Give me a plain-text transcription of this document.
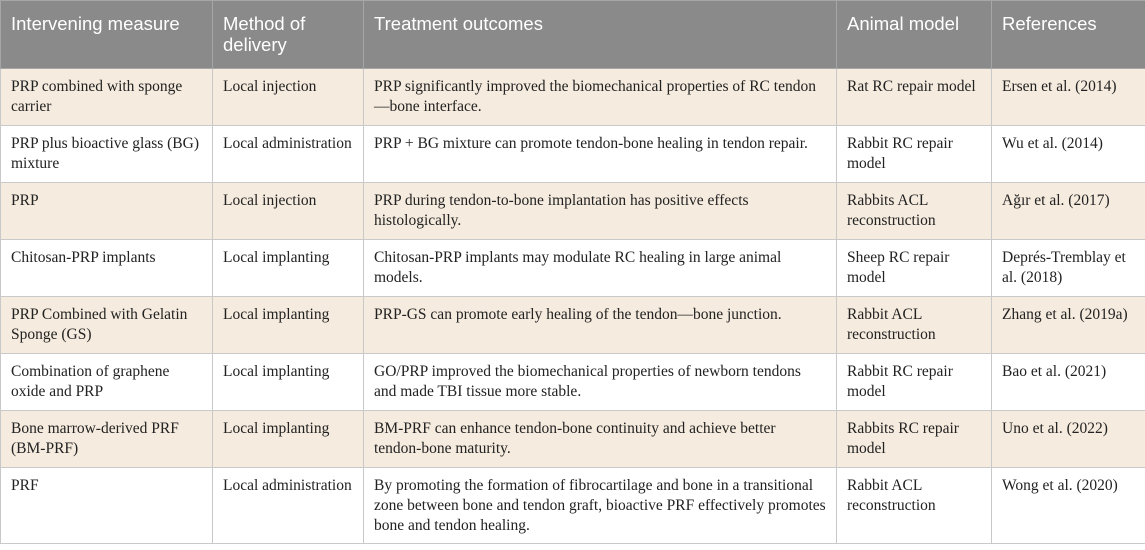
Intervening measure	Method of delivery	Treatment outcomes	Animal model	References
PRP combined with sponge carrier	Local injection	PRP significantly improved the biomechanical properties of RC tendon—bone interface.	Rat RC repair model	Ersen et al. (2014)
PRP plus bioactive glass (BG) mixture	Local administration	PRP + BG mixture can promote tendon-bone healing in tendon repair.	Rabbit RC repair model	Wu et al. (2014)
PRP	Local injection	PRP during tendon-to-bone implantation has positive effects histologically.	Rabbits ACL reconstruction	Ağır et al. (2017)
Chitosan-PRP implants	Local implanting	Chitosan-PRP implants may modulate RC healing in large animal models.	Sheep RC repair model	Deprés-Tremblay et al. (2018)
PRP Combined with Gelatin Sponge (GS)	Local implanting	PRP-GS can promote early healing of the tendon—bone junction.	Rabbit ACL reconstruction	Zhang et al. (2019a)
Combination of graphene oxide and PRP	Local implanting	GO/PRP improved the biomechanical properties of newborn tendons and made TBI tissue more stable.	Rabbit RC repair model	Bao et al. (2021)
Bone marrow-derived PRF (BM-PRF)	Local implanting	BM-PRF can enhance tendon-bone continuity and achieve better tendon-bone maturity.	Rabbits RC repair model	Uno et al. (2022)
PRF	Local administration	By promoting the formation of fibrocartilage and bone in a transitional zone between bone and tendon graft, bioactive PRF effectively promotes bone and tendon healing.	Rabbit ACL reconstruction	Wong et al. (2020)
